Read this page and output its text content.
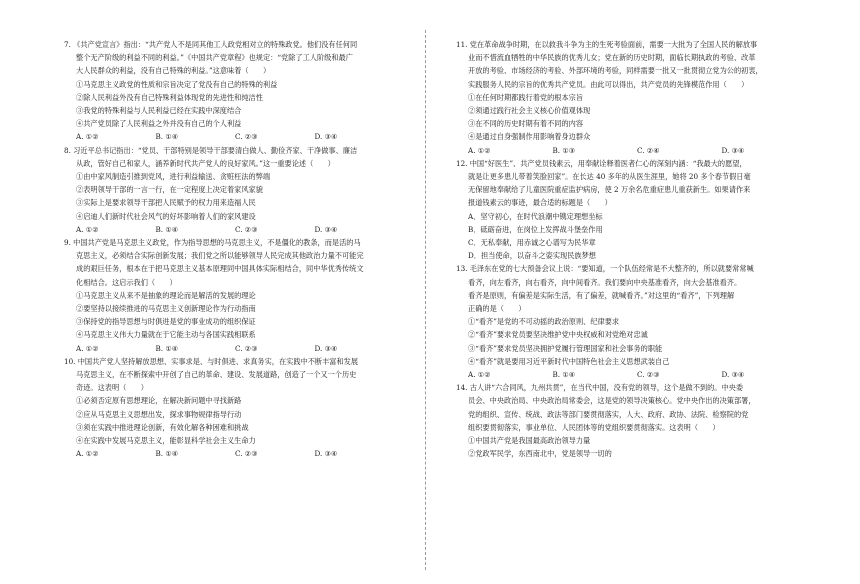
7. 《共产党宣言》指出：“共产党人不是同其他工人政党相对立的特殊政党。他们没有任何同
整个无产阶级的利益不同的利益。”《中国共产党章程》也规定：“党除了工人阶级和最广
大人民群众的利益，没有自己特殊的利益。”这意味着（　　）
①马克思主义政党的性质和宗旨决定了党没有自己的特殊的利益
②除人民利益外没有自己特殊利益体现党的先进性和纯洁性
③我党的特殊利益与人民利益已经在实践中深度结合
④共产党员除了人民利益之外并没有自己的个人利益
A. ①②	B. ①④	C. ②③	D. ③④
8. 习近平总书记指出：“党员、干部特别是领导干部要清白做人、勤俭齐家、干净做事、廉洁
从政，管好自己和家人，涵养新时代共产党人的良好家风。”这一重要论述（　　）
①由中家风制造引推到党风，进行利益输送、贪赃枉法的弊端
②表明领导干部的一言一行，在一定程度上决定着家风家貌
③实际上是要求领导干部把人民赋予的权力用来造福人民
④启迪人们新时代社会风气的好坏影响着人们的家风建设
A. ①②	B. ①④	C. ②③	D. ③④
9. 中国共产党是马克思主义政党，作为指导思想的马克思主义，不是僵化的教条，而是活的马
克思主义，必须结合实际创新发展；我们党之所以能够领导人民完成其他政治力量不可能完
成的艰巨任务，根本在于把马克思主义基本原理同中国具体实际相结合，同中华优秀传统文
化相结合。这启示我们（　　）
①马克思主义从来不是抽象的理论而是解活的发展的理论
②要坚持以接续推进的马克思主义创新理论作为行动指南
③保持党的指导思想与时俱进是党的事业成功的组织保证
④马克思主义伟大力量就在于它能主动与各国实践相联系
A. ①②	B. ①④	C. ②③	D. ③④
10. 中国共产党人坚持解放思想、实事求是、与时俱进、求真务实，在实践中不断丰富和发展
马克思主义，在不断探索中开创了自己的革命、建设、发展道路，创造了一个又一个历史
奇迹。这表明（　　）
①必须否定原有思想理论，在解决新问题中寻找新路
②应从马克思主义思想出发，探求事物规律指导行动
③须在实践中推进理论创新，有效化解各种困难和挑战
④在实践中发展马克思主义，能彰显科学社会主义生命力
A. ①②	B. ①④	C. ②③	D. ③④
11. 党在革命战争时期，在以救我斗争为主的生死考验面前，需要一大批为了全国人民的解放事
业而不惜流血牺牲的中华民族的优秀儿女；党在新的历史时期，面临长期执政的考验、改革
开放的考验、市场经济的考验、外部环境的考验，同样需要一批又一批贯彻立党为公的初衷，
实践服务人民的宗旨的优秀共产党员。由此可以得出，共产党员的先锋模范作用（　　）
①在任何时期都践行着党的根本宗旨
②须通过践行社会主义核心价值观体现
③在不同的历史时期有着不同的内容
④是通过自身强制作用影响着身边群众
A. ①②	B. ①③	C. ②④	D. ③④
12. 中国“好医生”、共产党员钱素云，用奉献诠释着医者仁心的深刻内涵：“我最大的愿望，
就是让更多患儿带着笑脸回家”。在长达 40 多年的从医生涯里，她将 20 多个春节假日毫
无保留地奉献给了儿童医院重症监护病房，使 2 万余名危重症患儿重获新生。如果请作来
报道钱素云的事迹，最合适的标题是（　　）
A．坚守初心，在时代浪潮中镌定理想坐标
B．砥砺奋进，在岗位上发挥战斗堡垒作用
C．无私奉献，用赤诚之心谱写为民华章
D．担当使命，以奋斗之姿实现民族梦想
13. 毛泽东在党的七大预备会议上说：“要知道，一个队伍经常是不大整齐的，所以就要常常喊
看齐，向左看齐，向右看齐，向中间看齐。我们要向中央基准看齐，向大会基准看齐。
看齐是原则，有偏差是实际生活，有了偏差，就喊看齐。”对这里的“看齐”，下列理解
正确的是（　　）
①“看齐”是党的不可动摇的政治原则、纪律要求
②“看齐”要求党员要坚决维护党中央权威和对党绝对忠诚
③“看齐”要求党员坚决拥护党履行管理国家和社会事务的职能
④“看齐”就是要用习近平新时代中国特色社会主义思想武装自己
A. ①②	B. ①④	C. ②③	D. ③④
14. 古人讲“六合同风，九州共贯”，在当代中国，没有党的领导，这个是做不到的。中央委
员会、中央政治局、中央政治局常委会，这是党的领导决策核心。党中央作出的决策部署，
党的组织、宣传、统战、政法等部门要贯彻落实，人大、政府、政协、法院、检察院的党
组织要贯彻落实，事业单位、人民团体等的党组织要贯彻落实。这表明（　　）
①中国共产党是我国最高政治领导力量
②党政军民学，东西南北中，党是领导一切的
